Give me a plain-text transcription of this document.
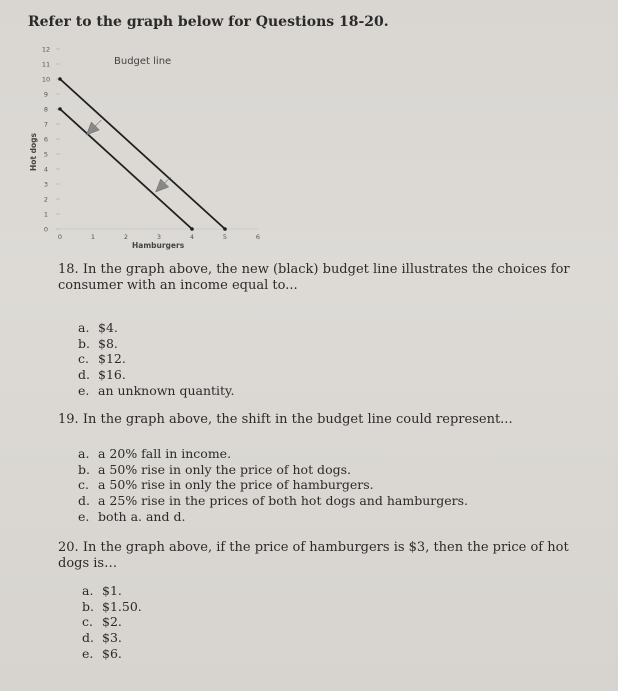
Refer to the graph below for Questions 18-20.
0
1
2
3
4
5
6
7
8
9
10
11
12
0	1	2	3	4	5	6
Budget line
Hamburgers
Hot dogs
18. In the graph above, the new (black) budget line illustrates the choices for consumer with an income equal to...
a. $4.
b. $8.
c. $12.
d. $16.
e. an unknown quantity.
19. In the graph above, the shift in the budget line could represent...
a. a 20% fall in income.
b. a 50% rise in only the price of hot dogs.
c. a 50% rise in only the price of hamburgers.
d. a 25% rise in the prices of both hot dogs and hamburgers.
e. both a. and d.
20. In the graph above, if the price of hamburgers is $3, then the price of hot dogs is…
a. $1.
b. $1.50.
c. $2.
d. $3.
e. $6.
